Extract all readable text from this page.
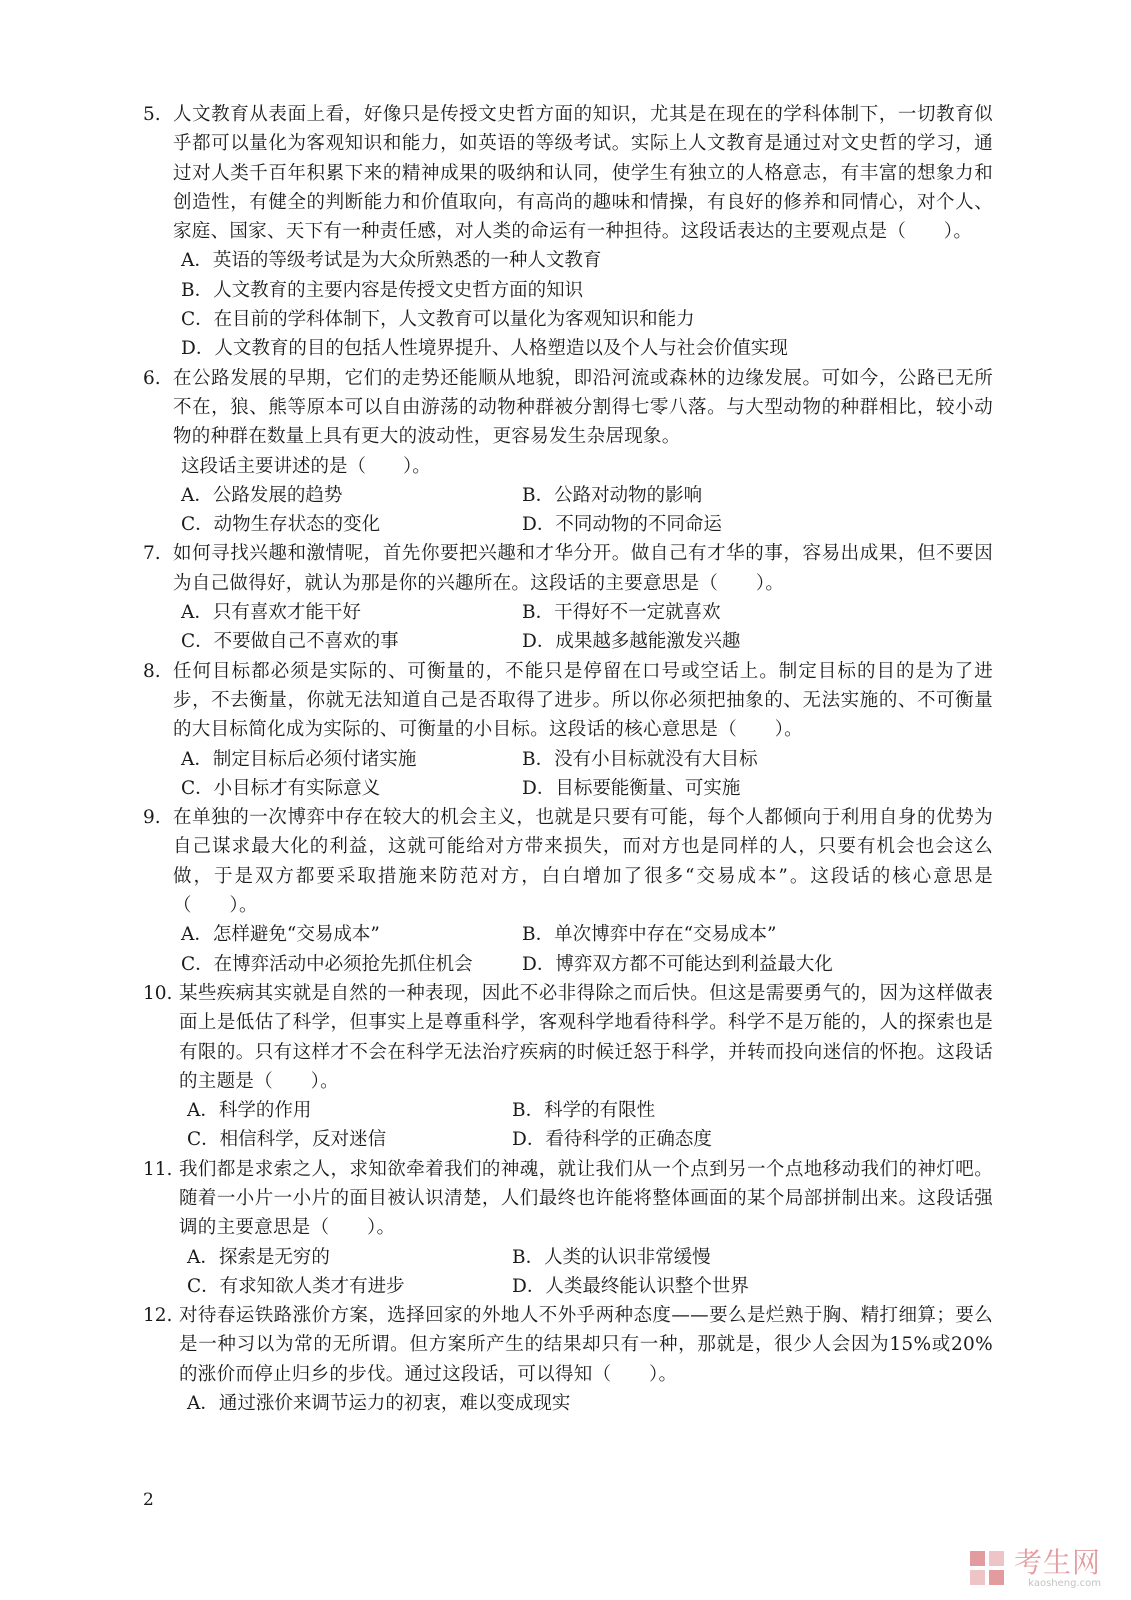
5. 人文教育从表面上看，好像只是传授文史哲方面的知识，尤其是在现在的学科体制下，一切教育似乎都可以量化为客观知识和能力，如英语的等级考试。实际上人文教育是通过对文史哲的学习，通过对人类千百年积累下来的精神成果的吸纳和认同，使学生有独立的人格意志，有丰富的想象力和创造性，有健全的判断能力和价值取向，有高尚的趣味和情操，有良好的修养和同情心，对个人、家庭、国家、天下有一种责任感，对人类的命运有一种担待。这段话表达的主要观点是（　　）。
A．英语的等级考试是为大众所熟悉的一种人文教育
B．人文教育的主要内容是传授文史哲方面的知识
C．在目前的学科体制下，人文教育可以量化为客观知识和能力
D．人文教育的目的包括人性境界提升、人格塑造以及个人与社会价值实现
6. 在公路发展的早期，它们的走势还能顺从地貌，即沿河流或森林的边缘发展。可如今，公路已无所不在，狼、熊等原本可以自由游荡的动物种群被分割得七零八落。与大型动物的种群相比，较小动物的种群在数量上具有更大的波动性，更容易发生杂居现象。
这段话主要讲述的是（　　）。
A．公路发展的趋势	B．公路对动物的影响
C．动物生存状态的变化	D．不同动物的不同命运
7. 如何寻找兴趣和激情呢，首先你要把兴趣和才华分开。做自己有才华的事，容易出成果，但不要因为自己做得好，就认为那是你的兴趣所在。这段话的主要意思是（　　）。
A．只有喜欢才能干好	B．干得好不一定就喜欢
C．不要做自己不喜欢的事	D．成果越多越能激发兴趣
8. 任何目标都必须是实际的、可衡量的，不能只是停留在口号或空话上。制定目标的目的是为了进步，不去衡量，你就无法知道自己是否取得了进步。所以你必须把抽象的、无法实施的、不可衡量的大目标简化成为实际的、可衡量的小目标。这段话的核心意思是（　　）。
A．制定目标后必须付诸实施	B．没有小目标就没有大目标
C．小目标才有实际意义	D．目标要能衡量、可实施
9. 在单独的一次博弈中存在较大的机会主义，也就是只要有可能，每个人都倾向于利用自身的优势为自己谋求最大化的利益，这就可能给对方带来损失，而对方也是同样的人，只要有机会也会这么做，于是双方都要采取措施来防范对方，白白增加了很多“交易成本”。这段话的核心意思是（　　）。
A．怎样避免“交易成本”	B．单次博弈中存在“交易成本”
C．在博弈活动中必须抢先抓住机会	D．博弈双方都不可能达到利益最大化
10. 某些疾病其实就是自然的一种表现，因此不必非得除之而后快。但这是需要勇气的，因为这样做表面上是低估了科学，但事实上是尊重科学，客观科学地看待科学。科学不是万能的，人的探索也是有限的。只有这样才不会在科学无法治疗疾病的时候迁怒于科学，并转而投向迷信的怀抱。这段话的主题是（　　）。
A．科学的作用	B．科学的有限性
C．相信科学，反对迷信	D．看待科学的正确态度
11. 我们都是求索之人，求知欲牵着我们的神魂，就让我们从一个点到另一个点地移动我们的神灯吧。随着一小片一小片的面目被认识清楚，人们最终也许能将整体画面的某个局部拼制出来。这段话强调的主要意思是（　　）。
A．探索是无穷的	B．人类的认识非常缓慢
C．有求知欲人类才有进步	D．人类最终能认识整个世界
12. 对待春运铁路涨价方案，选择回家的外地人不外乎两种态度——要么是烂熟于胸、精打细算；要么是一种习以为常的无所谓。但方案所产生的结果却只有一种，那就是，很少人会因为15%或20%的涨价而停止归乡的步伐。通过这段话，可以得知（　　）。
A．通过涨价来调节运力的初衷，难以变成现实
2
考生网
kaosheng.com
